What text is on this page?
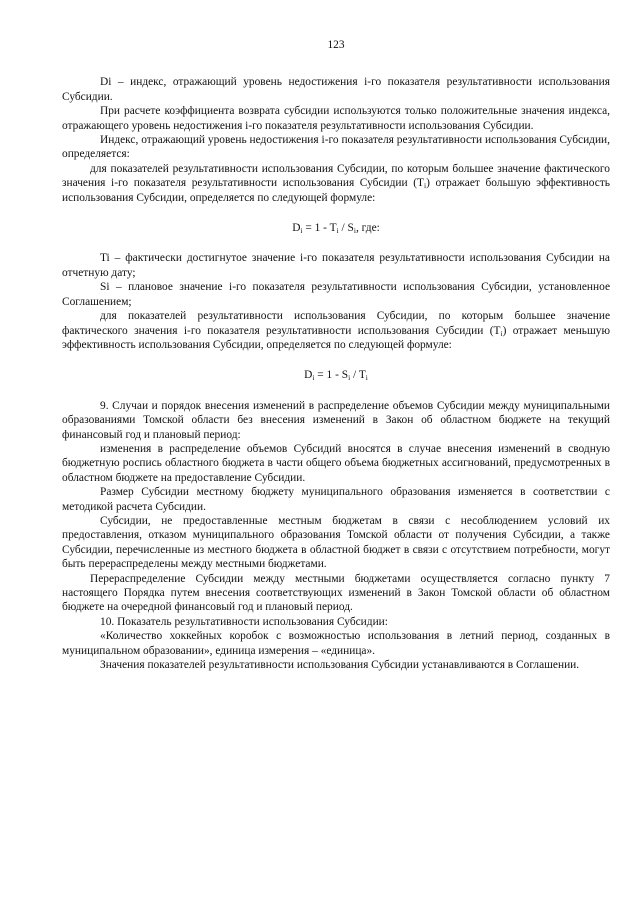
123

Di – индекс, отражающий уровень недостижения i-го показателя результативности использования Субсидии.

При расчете коэффициента возврата субсидии используются только положительные значения индекса, отражающего уровень недостижения i-го показателя результативности использования Субсидии.

Индекс, отражающий уровень недостижения i-го показателя результативности использования Субсидии, определяется:

для показателей результативности использования Субсидии, по которым большее значение фактического значения i-го показателя результативности использования Субсидии $(T_i)$ отражает большую эффективность использования Субсидии, определяется по следующей формуле:

$D_i = 1 - T_i / S_i$, где:

Ti – фактически достигнутое значение i-го показателя результативности использования Субсидии на отчетную дату;

Si – плановое значение i-го показателя результативности использования Субсидии, установленное Соглашением;

для показателей результативности использования Субсидии, по которым большее значение фактического значения i-го показателя результативности использования Субсидии $(T_i)$ отражает меньшую эффективность использования Субсидии, определяется по следующей формуле:

$D_i = 1 - S_i / T_i$

9. Случаи и порядок внесения изменений в распределение объемов Субсидии между муниципальными образованиями Томской области без внесения изменений в Закон об областном бюджете на текущий финансовый год и плановый период:

изменения в распределение объемов Субсидий вносятся в случае внесения изменений в сводную бюджетную роспись областного бюджета в части общего объема бюджетных ассигнований, предусмотренных в областном бюджете на предоставление Субсидии.

Размер Субсидии местному бюджету муниципального образования изменяется в соответствии с методикой расчета Субсидии.

Субсидии, не предоставленные местным бюджетам в связи с несоблюдением условий их предоставления, отказом муниципального образования Томской области от получения Субсидии, а также Субсидии, перечисленные из местного бюджета в областной бюджет в связи с отсутствием потребности, могут быть перераспределены между местными бюджетами.

Перераспределение Субсидии между местными бюджетами осуществляется согласно пункту 7 настоящего Порядка путем внесения соответствующих изменений в Закон Томской области об областном бюджете на очередной финансовый год и плановый период.

10. Показатель результативности использования Субсидии:

«Количество хоккейных коробок с возможностью использования в летний период, созданных в муниципальном образовании», единица измерения – «единица».

Значения показателей результативности использования Субсидии устанавливаются в Соглашении.
